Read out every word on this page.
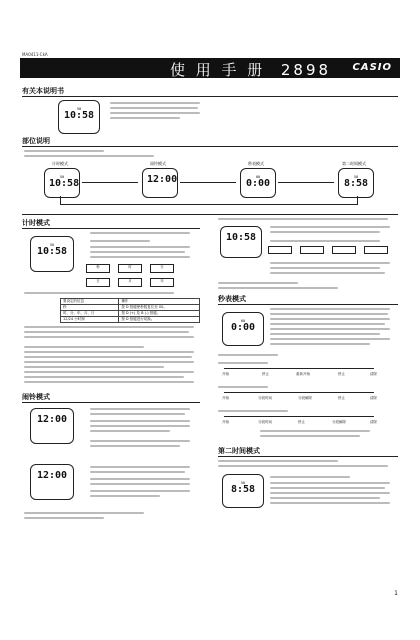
MA0411-CkA
使 用 手 册 2898 CASIO
有关本说明书
50
10:58
部位说明
计时模式	闹铃模式	秒表模式	第二时间模式
50
10:58	12:00	00
0:00
50
8:58
计时模式
50
10:58
秒	时	分
年
月
日
要设定的信息	操作
秒	按 D 按键使秒数复位至 00。
时、分、年、月、日	按 D (+) 及 B (-) 按键。
12/24 小时制	按 D 按键进行切换。
闹铃模式
12:00
12:00
10:58
秒表模式
00
0:00
开始	停止	重新开始	停止	清除
开始	分段时间	分段解除	停止	清除
开始	分段时间	停止	分段解除	清除
第二时间模式
50
8:58
1
